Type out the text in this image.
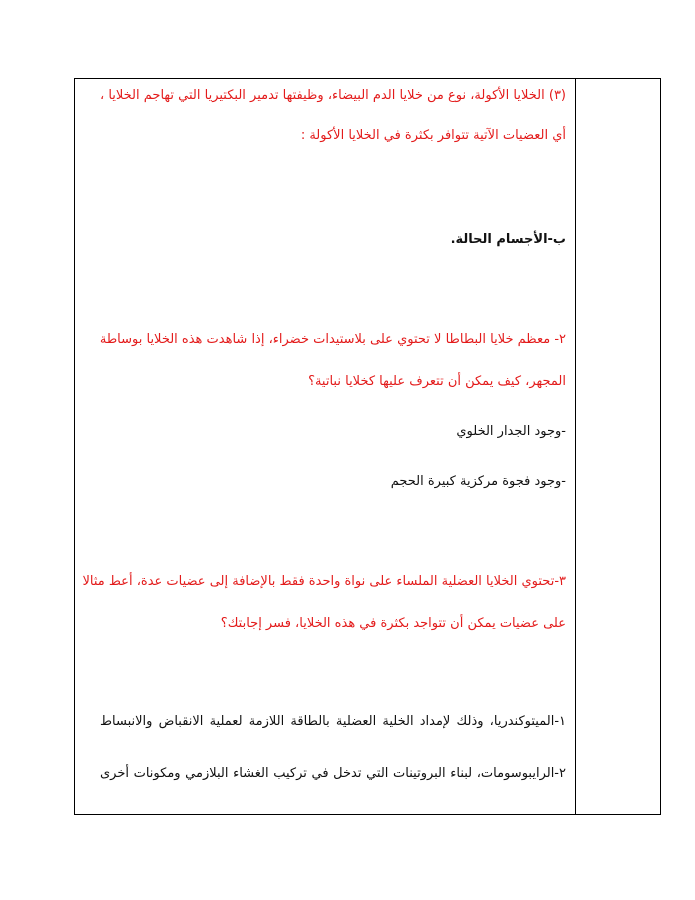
(٣) الخلايا الأكولة، نوع من خلايا الدم البيضاء، وظيفتها تدمير البكتيريا التي تهاجم الخلايا ،
أي العضيات الآتية تتوافر بكثرة في الخلايا الأكولة :
ب-الأجسام الحالة.
٢- معظم خلايا البطاطا لا تحتوي على بلاستيدات خضراء، إذا شاهدت هذه الخلايا بوساطة
المجهر، كيف يمكن أن تتعرف عليها كخلايا نباتية؟
-وجود الجدار الخلوي
-وجود فجوة مركزية كبيرة الحجم
٣-تحتوي الخلايا العضلية الملساء على نواة واحدة فقط بالإضافة إلى عضيات عدة، أعط مثالا
على عضيات يمكن أن تتواجد بكثرة في هذه الخلايا، فسر إجابتك؟
١-الميتوكندريا، وذلك لإمداد الخلية العضلية بالطاقة اللازمة لعملية الانقباض والانبساط
٢-الرايبوسومات، لبناء البروتينات التي تدخل في تركيب الغشاء البلازمي ومكونات أخرى
